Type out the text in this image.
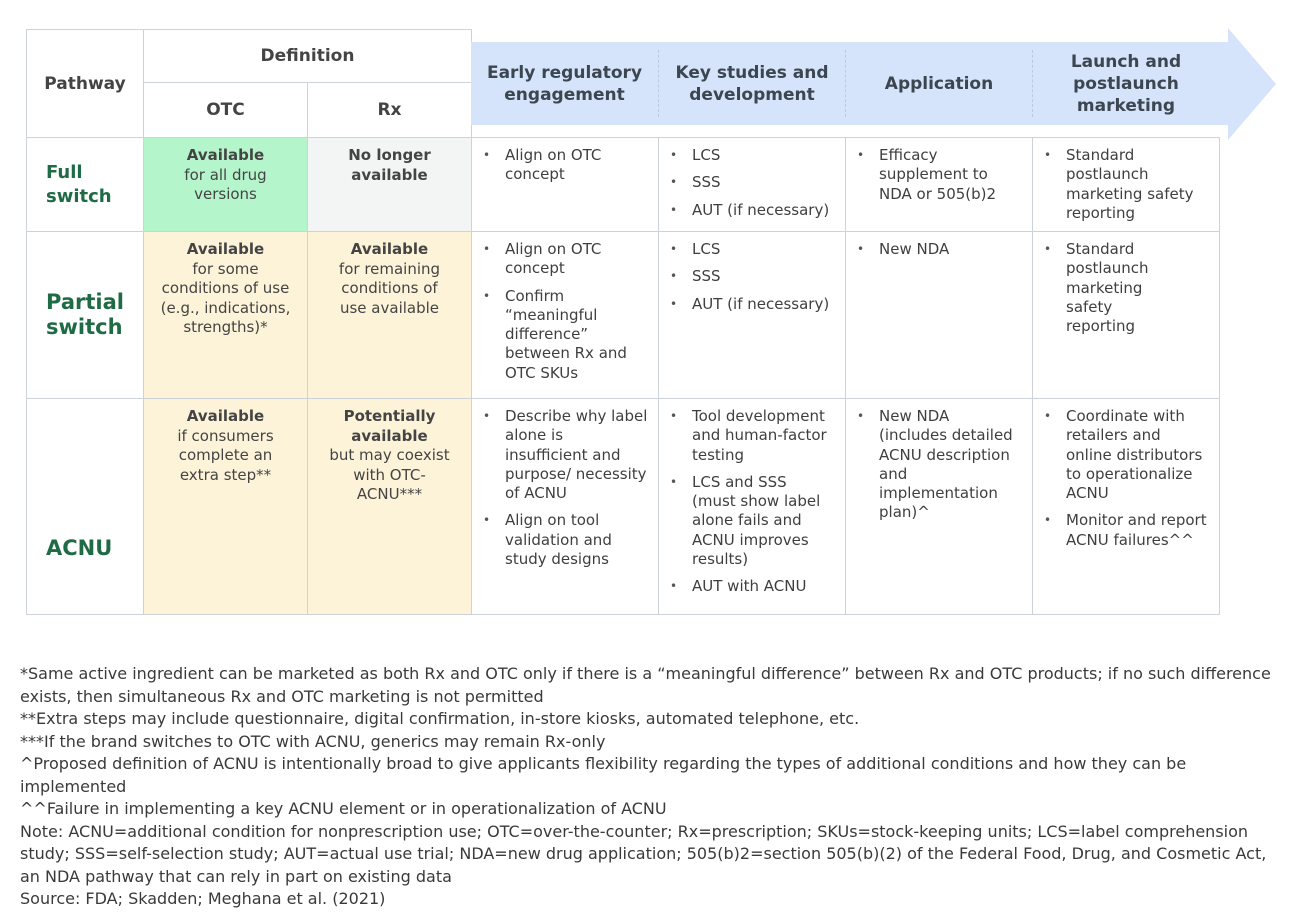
Pathway
Definition
OTC	Rx
Early regulatory engagement
Key studies and development
Application
Launch and postlaunch marketing
Full switch
Available
for all drug versions
No longer available
• Align on OTC concept
• LCS
• SSS
• AUT (if necessary)
• Efficacy supplement to NDA or 505(b)2
• Standard postlaunch marketing safety reporting
Partial switch
Available
for some conditions of use (e.g., indications, strengths)*
Available
for remaining conditions of use available
• Align on OTC concept
• Confirm “meaningful difference” between Rx and OTC SKUs
• LCS
• SSS
• AUT (if necessary)
• New NDA
•	Standard postlaunch marketing safety reporting
ACNU
Available
if consumers complete an extra step**
Potentially available
but may coexist with OTC-ACNU***
• Describe why label alone is insufficient and purpose/ necessity of ACNU
• Align on tool validation and study designs
• Tool development and human-factor testing
• LCS and SSS (must show label alone fails and ACNU improves results)
• AUT with ACNU
• New NDA (includes detailed ACNU description and implementation plan)^
• Coordinate with retailers and online distributors to operationalize ACNU
• Monitor and report ACNU failures^^
*Same active ingredient can be marketed as both Rx and OTC only if there is a “meaningful difference” between Rx and OTC products; if no such difference exists, then simultaneous Rx and OTC marketing is not permitted
**Extra steps may include questionnaire, digital confirmation, in-store kiosks, automated telephone, etc.
***If the brand switches to OTC with ACNU, generics may remain Rx-only
^Proposed definition of ACNU is intentionally broad to give applicants flexibility regarding the types of additional conditions and how they can be implemented
^^Failure in implementing a key ACNU element or in operationalization of ACNU
Note: ACNU=additional condition for nonprescription use; OTC=over-the-counter; Rx=prescription; SKUs=stock-keeping units; LCS=label comprehension study; SSS=self-selection study; AUT=actual use trial; NDA=new drug application; 505(b)2=section 505(b)(2) of the Federal Food, Drug, and Cosmetic Act, an NDA pathway that can rely in part on existing data
Source: FDA; Skadden; Meghana et al. (2021)
